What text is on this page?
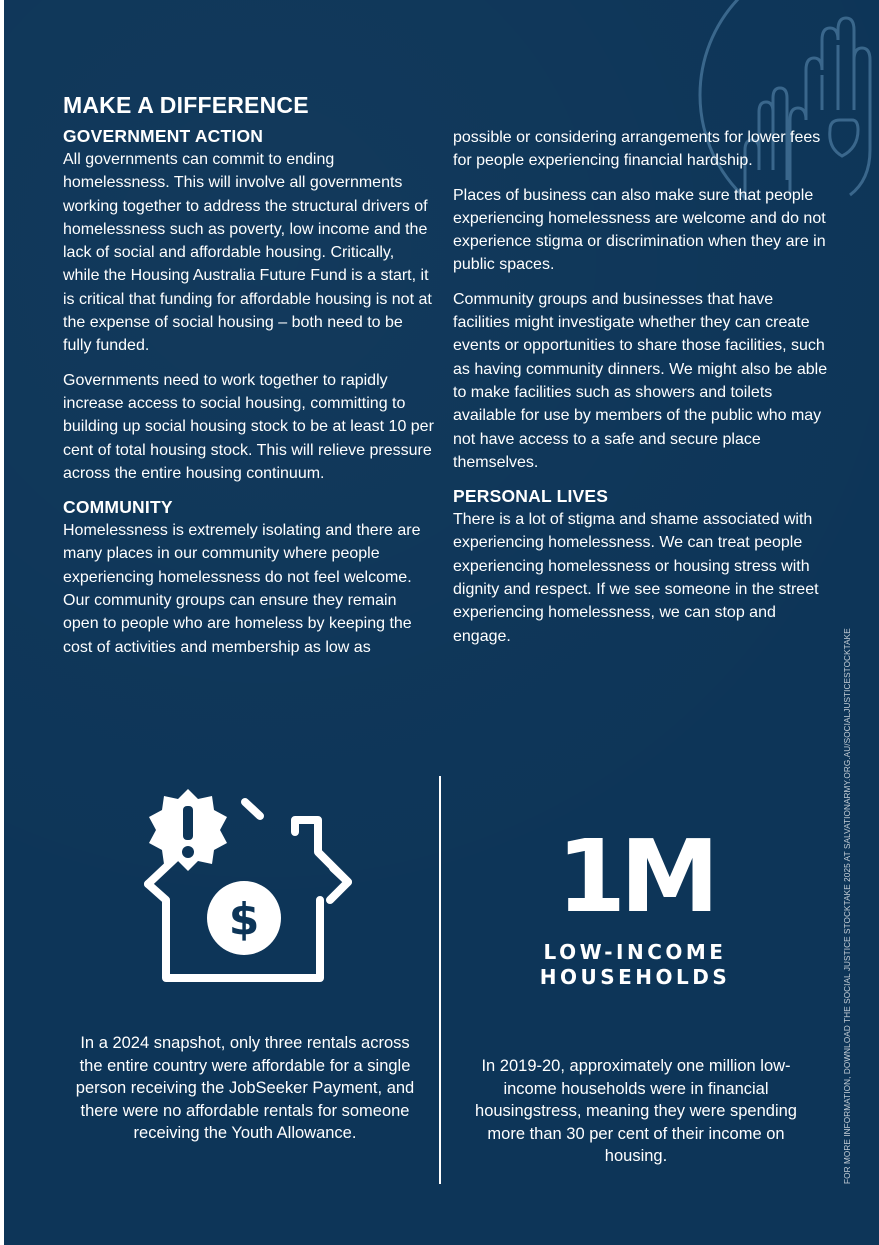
MAKE A DIFFERENCE
GOVERNMENT ACTION

All governments can commit to ending homelessness. This will involve all governments working together to address the structural drivers of homelessness such as poverty, low income and the lack of social and affordable housing. Critically, while the Housing Australia Future Fund is a start, it is critical that funding for affordable housing is not at the expense of social housing – both need to be fully funded.

Governments need to work together to rapidly increase access to social housing, committing to building up social housing stock to be at least 10 per cent of total housing stock. This will relieve pressure across the entire housing continuum.

COMMUNITY

Homelessness is extremely isolating and there are many places in our community where people experiencing homelessness do not feel welcome. Our community groups can ensure they remain open to people who are homeless by keeping the cost of activities and membership as low as

possible or considering arrangements for lower fees for people experiencing financial hardship.

Places of business can also make sure that people experiencing homelessness are welcome and do not experience stigma or discrimination when they are in public spaces.

Community groups and businesses that have facilities might investigate whether they can create events or opportunities to share those facilities, such as having community dinners. We might also be able to make facilities such as showers and toilets available for use by members of the public who may not have access to a safe and secure place themselves.

PERSONAL LIVES

There is a lot of stigma and shame associated with experiencing homelessness. We can treat people experiencing homelessness or housing stress with dignity and respect. If we see someone in the street experiencing homelessness, we can stop and engage.

$	1M
LOW-INCOME
HOUSEHOLDS
In a 2024 snapshot, only three rentals across the entire country were affordable for a single person receiving the JobSeeker Payment, and there were no affordable rentals for someone receiving the Youth Allowance.
In 2019-20, approximately one million low-income households were in financial housingstress, meaning they were spending more than 30 per cent of their income on housing.	FOR MORE INFORMATION, DOWNLOAD THE SOCIAL JUSTICE STOCKTAKE 2025 AT SALVATIONARMY.ORG.AU/SOCIALJUSTICESTOCKTAKE
